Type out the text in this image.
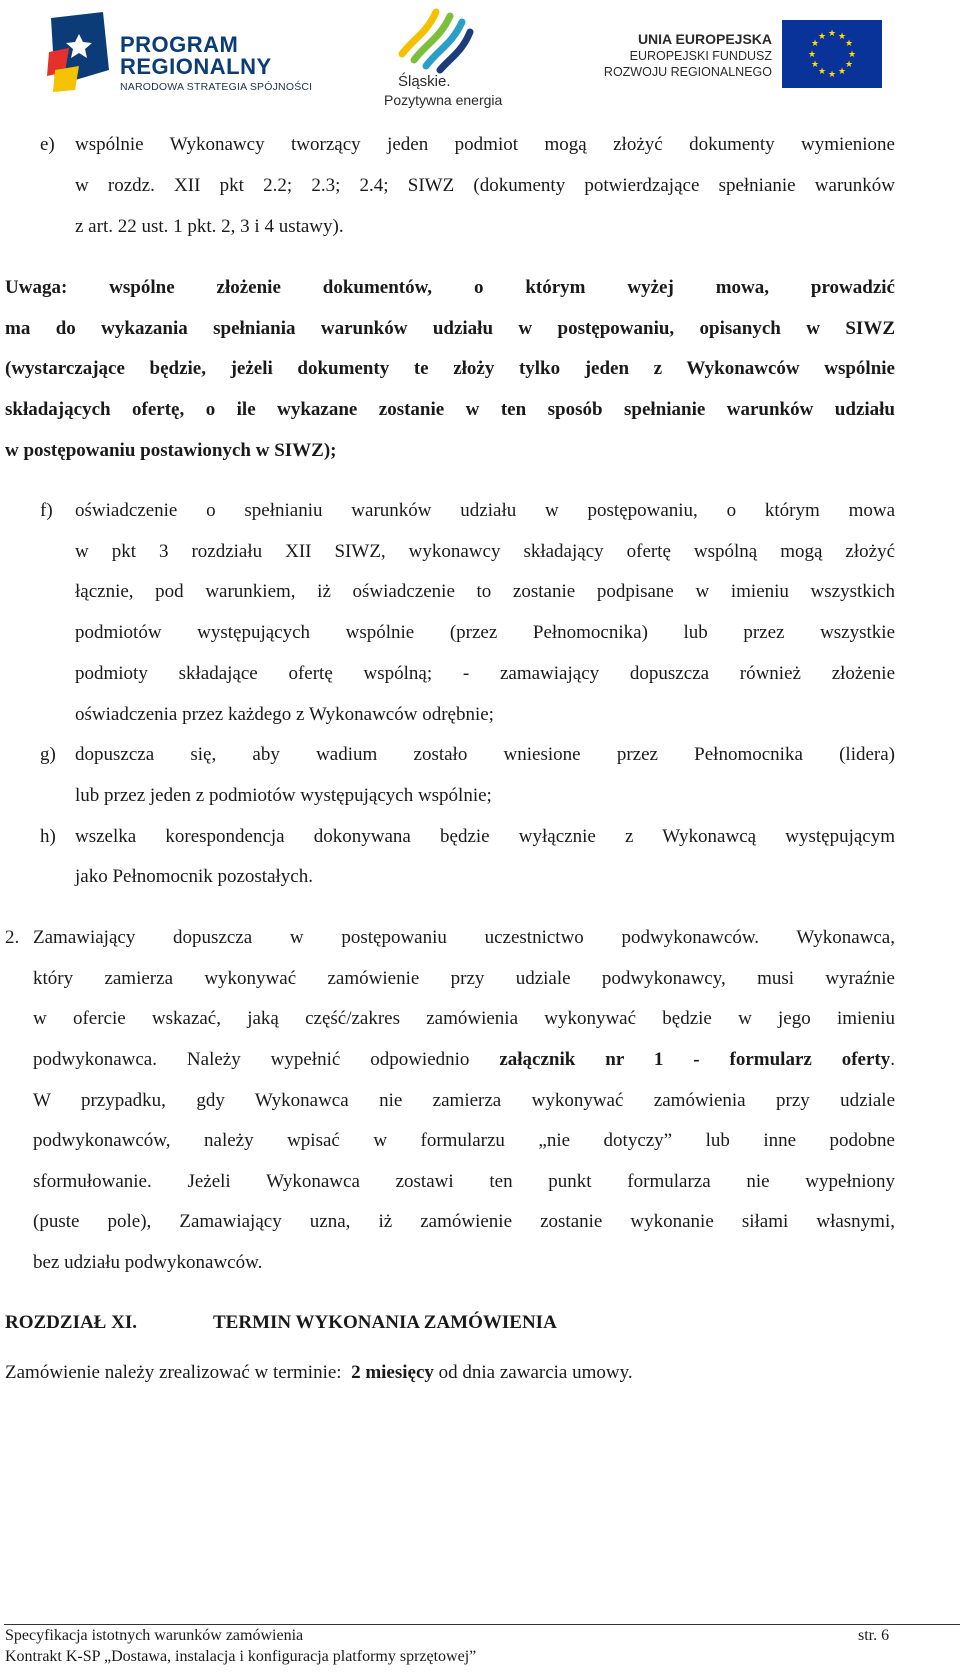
PROGRAM
REGIONALNY
NARODOWA STRATEGIA SPÓJNOŚCI	Śląskie.
Pozytywna energia
UNIA EUROPEJSKA
EUROPEJSKI FUNDUSZ
ROZWOJU REGIONALNEGO
★ ★
★
★
★
★
★
★
★
★
★
★
e) wspólnie Wykonawcy tworzący jeden podmiot mogą złożyć dokumenty wymienione
w rozdz. XII pkt 2.2; 2.3; 2.4; SIWZ (dokumenty potwierdzające spełnianie warunków
z art. 22 ust. 1 pkt. 2, 3 i 4 ustawy).
Uwaga: wspólne złożenie dokumentów, o którym wyżej mowa, prowadzić
ma do wykazania spełniania warunków udziału w postępowaniu, opisanych w SIWZ
(wystarczające będzie, jeżeli dokumenty te złoży tylko jeden z Wykonawców wspólnie
składających ofertę, o ile wykazane zostanie w ten sposób spełnianie warunków udziału
w postępowaniu postawionych w SIWZ);
f) oświadczenie o spełnianiu warunków udziału w postępowaniu, o którym mowa
w pkt 3 rozdziału XII SIWZ, wykonawcy składający ofertę wspólną mogą złożyć
łącznie, pod warunkiem, iż oświadczenie to zostanie podpisane w imieniu wszystkich
podmiotów występujących wspólnie (przez Pełnomocnika) lub przez wszystkie
podmioty składające ofertę wspólną; - zamawiający dopuszcza również złożenie
oświadczenia przez każdego z Wykonawców odrębnie;
g) dopuszcza się, aby wadium zostało wniesione przez Pełnomocnika (lidera)
lub przez jeden z podmiotów występujących wspólnie;
h) wszelka korespondencja dokonywana będzie wyłącznie z Wykonawcą występującym
jako Pełnomocnik pozostałych.
2. Zamawiający dopuszcza w postępowaniu uczestnictwo podwykonawców. Wykonawca,
który zamierza wykonywać zamówienie przy udziale podwykonawcy, musi wyraźnie
w ofercie wskazać, jaką część/zakres zamówienia wykonywać będzie w jego imieniu
podwykonawca. Należy wypełnić odpowiednio załącznik nr 1 - formularz oferty.
W przypadku, gdy Wykonawca nie zamierza wykonywać zamówienia przy udziale
podwykonawców, należy wpisać w formularzu „nie dotyczy” lub inne podobne
sformułowanie. Jeżeli Wykonawca zostawi ten punkt formularza nie wypełniony
(puste pole), Zamawiający uzna, iż zamówienie zostanie wykonanie siłami własnymi,
bez udziału podwykonawców.
ROZDZIAŁ XI.	TERMIN WYKONANIA ZAMÓWIENIA
Zamówienie należy zrealizować w terminie: 2 miesięcy od dnia zawarcia umowy.
Specyfikacja istotnych warunków zamówienia	str. 6
Kontrakt K-SP „Dostawa, instalacja i konfiguracja platformy sprzętowej”
